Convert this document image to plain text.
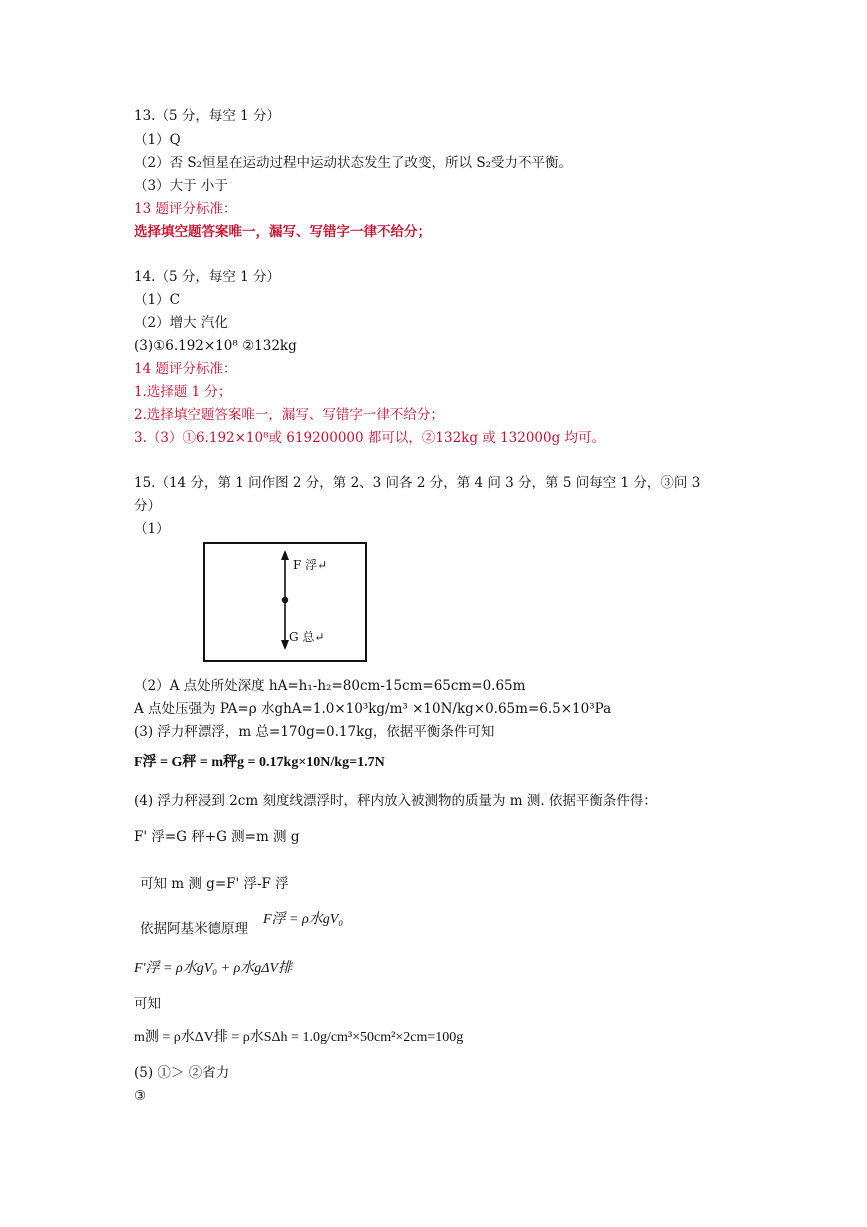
13.（5 分，每空 1 分）
（1）Q
（2）否 S₂恒星在运动过程中运动状态发生了改变，所以 S₂受力不平衡。
（3）大于 小于
13 题评分标准：
选择填空题答案唯一，漏写、写错字一律不给分；
14.（5 分，每空 1 分）
（1）C
（2）增大 汽化
(3)①6.192×10⁸ ②132kg
14 题评分标准：
1.选择题 1 分；
2.选择填空题答案唯一，漏写、写错字一律不给分；
3.（3）①6.192×10⁸或 619200000 都可以，②132kg 或 132000g 均可。
15.（14 分，第 1 问作图 2 分，第 2、3 问各 2 分，第 4 问 3 分，第 5 问每空 1 分，③问 3
分）
（1）
F 浮↵
G 总↵
（2）A 点处所处深度 hA=h₁-h₂=80cm-15cm=65cm=0.65m
A 点处压强为 PA=ρ 水ghA=1.0×10³kg/m³ ×10N/kg×0.65m=6.5×10³Pa
(3) 浮力秤漂浮，m 总=170g=0.17kg，依据平衡条件可知
F浮 = G秤 = m秤g = 0.17kg×10N/kg=1.7N
(4) 浮力秤浸到 2cm 刻度线漂浮时，秤内放入被测物的质量为 m 测. 依据平衡条件得：
F' 浮=G 秤+G 测=m 测 g
可知 m 测 g=F' 浮-F 浮
依据阿基米德原理
F浮 = ρ水gV₀
F'浮 = ρ水gV₀ + ρ水gΔV排
可知
m测 = ρ水ΔV排 = ρ水SΔh = 1.0g/cm³×50cm²×2cm=100g
(5) ①＞ ②省力
③
